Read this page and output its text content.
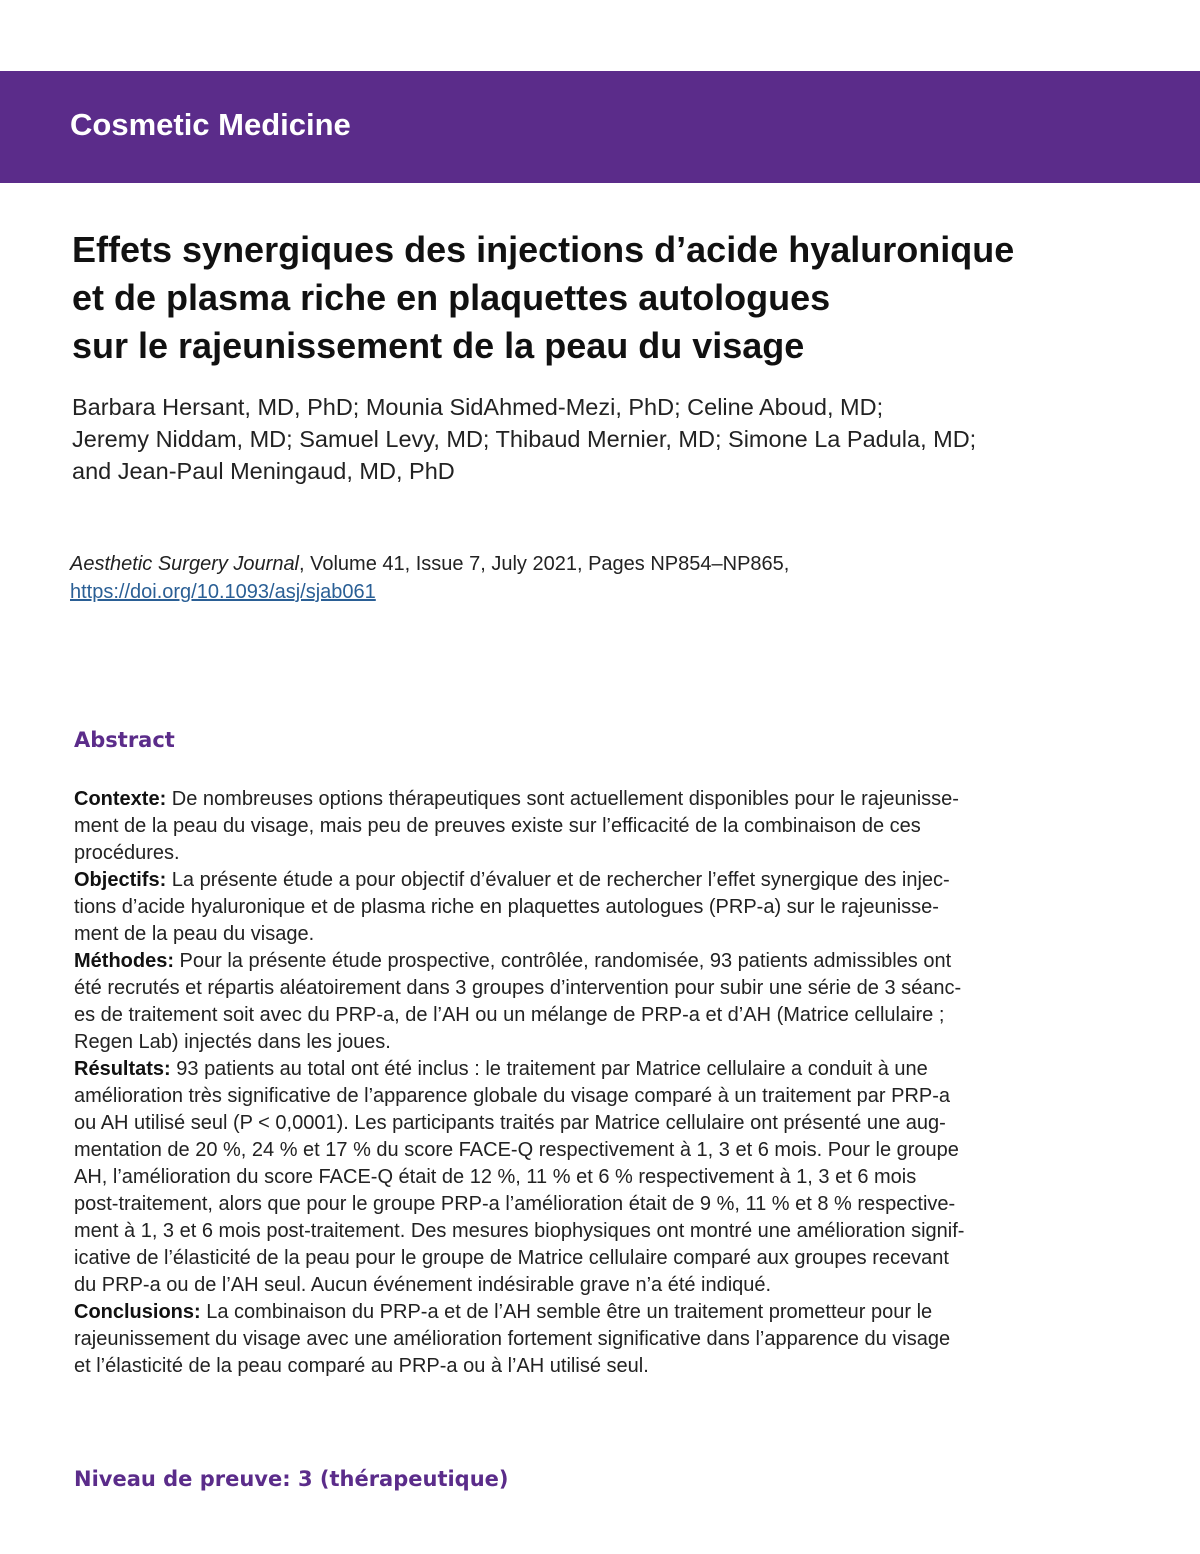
Cosmetic Medicine
Effets synergiques des injections d’acide hyaluronique
et de plasma riche en plaquettes autologues
sur le rajeunissement de la peau du visage
Barbara Hersant, MD, PhD; Mounia SidAhmed-Mezi, PhD; Celine Aboud, MD;
Jeremy Niddam, MD; Samuel Levy, MD; Thibaud Mernier, MD; Simone La Padula, MD;
and Jean-Paul Meningaud, MD, PhD
Aesthetic Surgery Journal, Volume 41, Issue 7, July 2021, Pages NP854–NP865,
https://doi.org/10.1093/asj/sjab061
Abstract
Contexte: De nombreuses options thérapeutiques sont actuellement disponibles pour le rajeunisse-
ment de la peau du visage, mais peu de preuves existe sur l’efficacité de la combinaison de ces
procédures.
Objectifs: La présente étude a pour objectif d’évaluer et de rechercher l’effet synergique des injec-
tions d’acide hyaluronique et de plasma riche en plaquettes autologues (PRP-a) sur le rajeunisse-
ment de la peau du visage.
Méthodes: Pour la présente étude prospective, contrôlée, randomisée, 93 patients admissibles ont
été recrutés et répartis aléatoirement dans 3 groupes d’intervention pour subir une série de 3 séanc-
es de traitement soit avec du PRP-a, de l’AH ou un mélange de PRP-a et d’AH (Matrice cellulaire ;
Regen Lab) injectés dans les joues.
Résultats: 93 patients au total ont été inclus : le traitement par Matrice cellulaire a conduit à une
amélioration très significative de l’apparence globale du visage comparé à un traitement par PRP-a
ou AH utilisé seul (P < 0,0001). Les participants traités par Matrice cellulaire ont présenté une aug-
mentation de 20 %, 24 % et 17 % du score FACE-Q respectivement à 1, 3 et 6 mois. Pour le groupe
AH, l’amélioration du score FACE-Q était de 12 %, 11 % et 6 % respectivement à 1, 3 et 6 mois
post-traitement, alors que pour le groupe PRP-a l’amélioration était de 9 %, 11 % et 8 % respective-
ment à 1, 3 et 6 mois post-traitement. Des mesures biophysiques ont montré une amélioration signif-
icative de l’élasticité de la peau pour le groupe de Matrice cellulaire comparé aux groupes recevant
du PRP-a ou de l’AH seul. Aucun événement indésirable grave n’a été indiqué.
Conclusions: La combinaison du PRP-a et de l’AH semble être un traitement prometteur pour le
rajeunissement du visage avec une amélioration fortement significative dans l’apparence du visage
et l’élasticité de la peau comparé au PRP-a ou à l’AH utilisé seul.
Niveau de preuve: 3 (thérapeutique)
